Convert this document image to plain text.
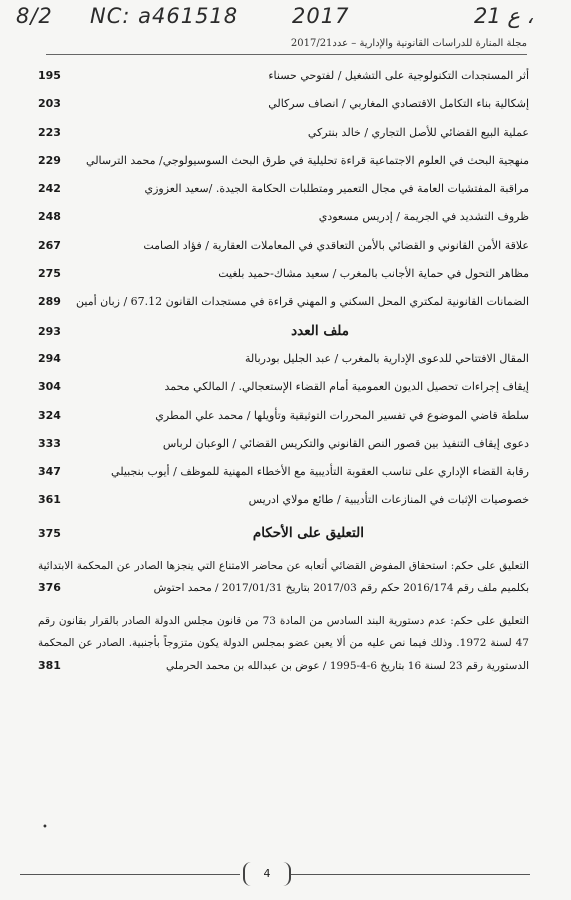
8/2 NC: a461518	2017	21 ع ،
مجلة المنارة للدراسات القانونية والإدارية – عدد2017/21
أثر المستجدات التكنولوجية على التشغيل / لفتوحي حسناء
195
إشكالية بناء التكامل الاقتصادي المغاربي / انصاف سركالي
203
عملية البيع القضائي للأصل التجاري / خالد بنتركي
223
منهجية البحث في العلوم الاجتماعية قراءة تحليلية في طرق البحث السوسيولوجي/ محمد الترسالي
229
مراقبة المفتشيات العامة في مجال التعمير ومتطلبات الحكامة الجيدة. /سعيد العزوزي
242
ظروف التشديد في الجريمة / إدريس مسعودي
248
علاقة الأمن القانوني و القضائي بالأمن التعاقدي في المعاملات العقارية / فؤاد الصامت
267
مظاهر التحول في حماية الأجانب بالمغرب / سعيد مشاك-حميد بلغيت
275
الضمانات القانونية لمكتري المحل السكني و المهني قراءة في مستجدات القانون 67.12 / زبان أمين
289
ملف العدد
293
المقال الافتتاحي للدعوى الإدارية بالمغرب / عبد الجليل بودربالة
294
إيقاف إجراءات تحصيل الديون العمومية أمام القضاء الإستعجالي. / المالكي محمد
304
سلطة قاضي الموضوع في تفسير المحررات التوثيقية وتأويلها / محمد علي المطري
324
دعوى إيقاف التنفيذ بين قصور النص القانوني والتكريس القضائي / الوعبان لرباس
333
رقابة القضاء الإداري على تناسب العقوبة التأديبية مع الأخطاء المهنية للموظف / أيوب بنجبيلي
347
خصوصيات الإثبات في المنازعات التأديبية / طائع مولاي ادريس
361
التعليق على الأحكام
375
التعليق على حكم: استحقاق المفوض القضائي أتعابه عن محاضر الامتناع التي ينجزها الصادر عن المحكمة الابتدائية بكلميم ملف رقم 2016/174 حكم رقم 2017/03 بتاريخ 2017/01/31 / محمد احتوش
376
التعليق على حكم: عدم دستورية البند السادس من المادة 73 من قانون مجلس الدولة الصادر بالقرار بقانون رقم 47 لسنة 1972. وذلك فيما نص عليه من ألا يعين عضو بمجلس الدولة يكون متزوجاً بأجنبية. الصادر عن المحكمة الدستورية رقم 23 لسنة 16 بتاريخ 6-4-1995 / عوض بن عبدالله بن محمد الحرملي
381
•
4
